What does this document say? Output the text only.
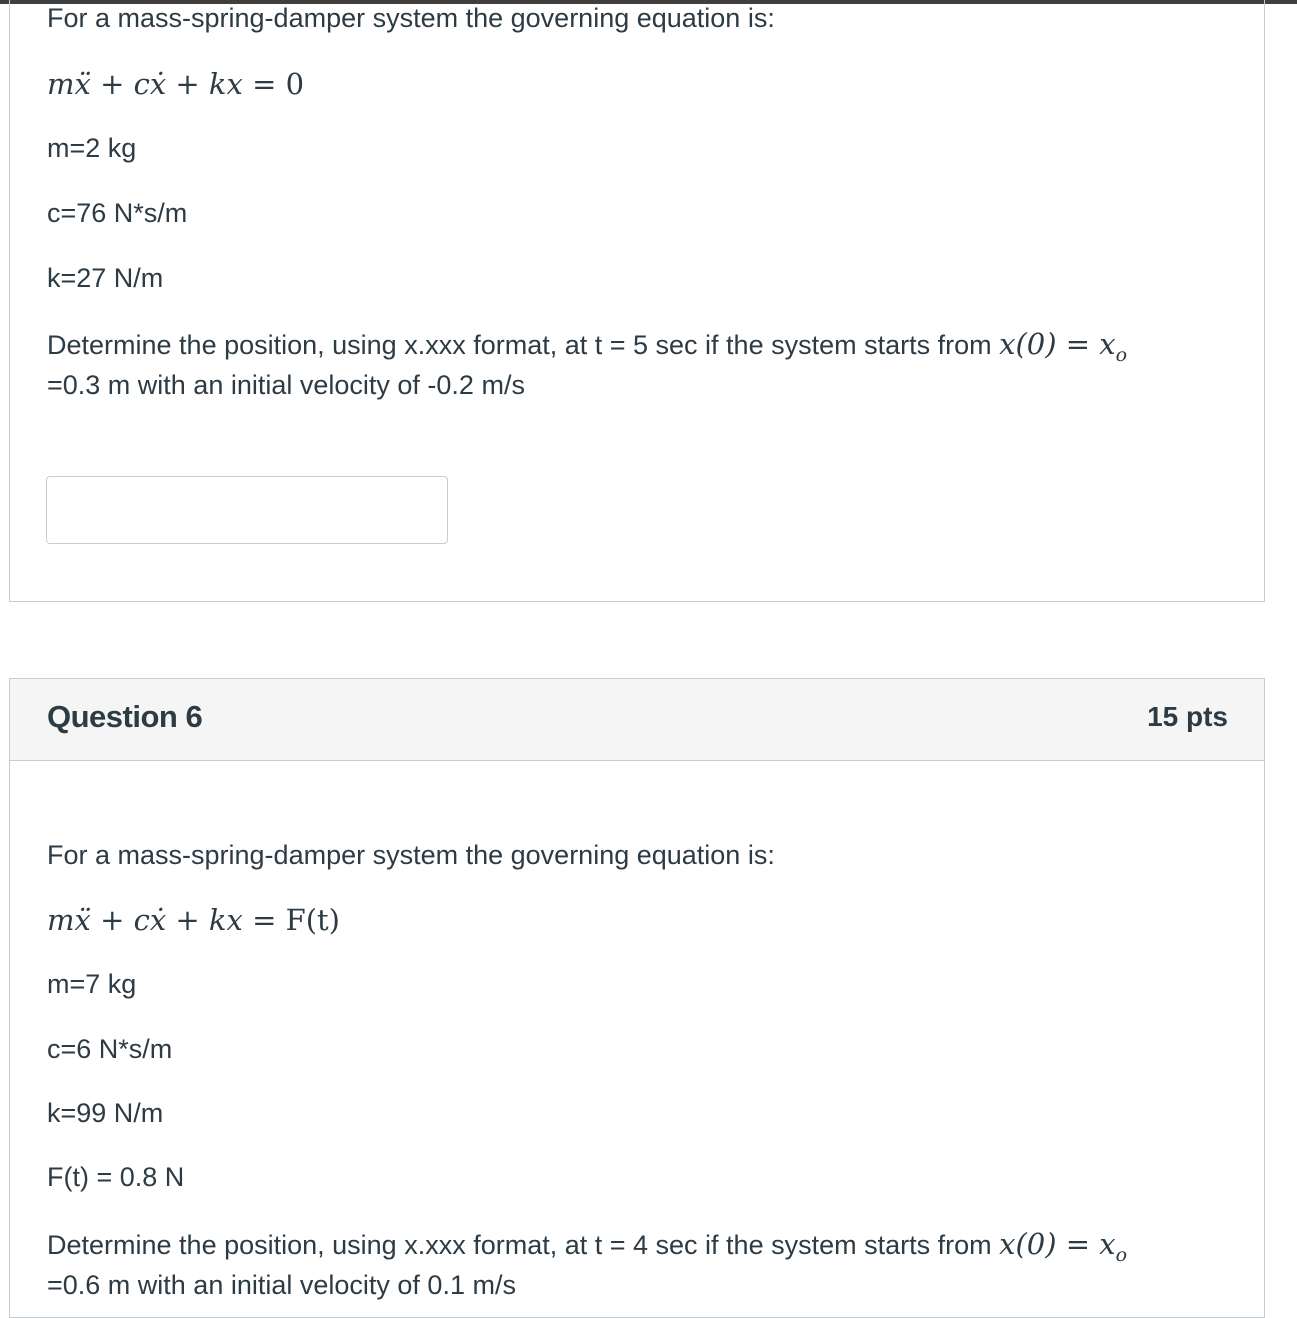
For a mass-spring-damper system the governing equation is:
mẍ + cẋ + kx = 0
m=2 kg
c=76 N*s/m
k=27 N/m
Determine the position, using x.xxx format, at t = 5 sec if the system starts from $x(0) = x_o$
=0.3 m with an initial velocity of -0.2 m/s
Question 6	15 pts
For a mass-spring-damper system the governing equation is:
mẍ + cẋ + kx = F(t)
m=7 kg
c=6 N*s/m
k=99 N/m
F(t) = 0.8 N
Determine the position, using x.xxx format, at t = 4 sec if the system starts from $x(0) = x_o$
=0.6 m with an initial velocity of 0.1 m/s
